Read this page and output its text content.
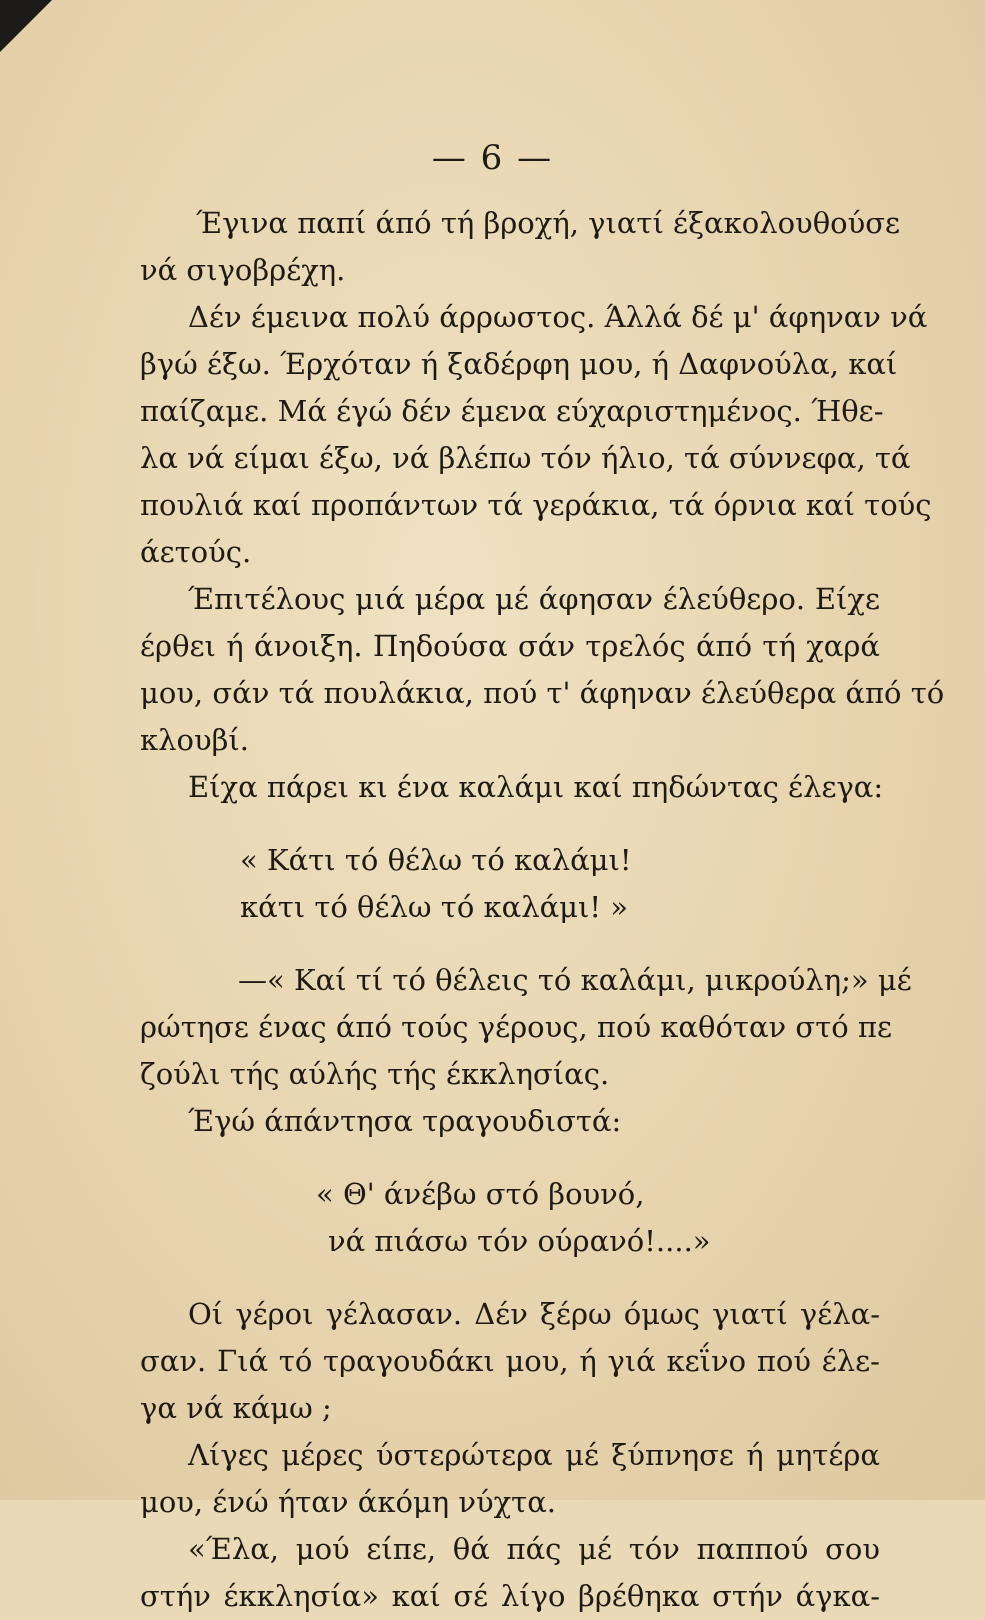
— 6 —
Έγινα παπί άπό τή βροχή, γιατί έξακολουθούσε
νά σιγοβρέχη.
Δέν έμεινα πολύ άρρωστος. Άλλά δέ μ' άφηναν νά
βγώ έξω. Έρχόταν ή ξαδέρφη μου, ή Δαφνούλα, καί
παίζαμε. Μά έγώ δέν έμενα εύχαριστημένος. Ήθε-
λα νά είμαι έξω, νά βλέπω τόν ήλιο, τά σύννεφα, τά
πουλιά καί προπάντων τά γεράκια, τά όρνια καί τούς
άετούς.
Έπιτέλους μιά μέρα μέ άφησαν έλεύθερο. Είχε
έρθει ή άνοιξη. Πηδούσα σάν τρελός άπό τή χαρά
μου, σάν τά πουλάκια, πού τ' άφηναν έλεύθερα άπό τό
κλουβί.
Είχα πάρει κι ένα καλάμι καί πηδώντας έλεγα:
« Κάτι τό θέλω τό καλάμι!
κάτι τό θέλω τό καλάμι! »
—« Καί τί τό θέλεις τό καλάμι, μικρούλη;» μέ
ρώτησε ένας άπό τούς γέρους, πού καθόταν στό πε
ζούλι τής αύλής τής έκκλησίας.
Έγώ άπάντησα τραγουδιστά:
« Θ' άνέβω στό βουνό,
νά πιάσω τόν ούρανό!....»
Οί γέροι γέλασαν. Δέν ξέρω όμως γιατί γέλα-
σαν. Γιά τό τραγουδάκι μου, ή γιά κεΐνο πού έλε-
γα νά κάμω ;
Λίγες μέρες ύστερώτερα μέ ξύπνησε ή μητέρα
μου, ένώ ήταν άκόμη νύχτα.
«Έλα, μού είπε, θά πάς μέ τόν παππού σου
στήν έκκλησία» καί σέ λίγο βρέθηκα στήν άγκα-
